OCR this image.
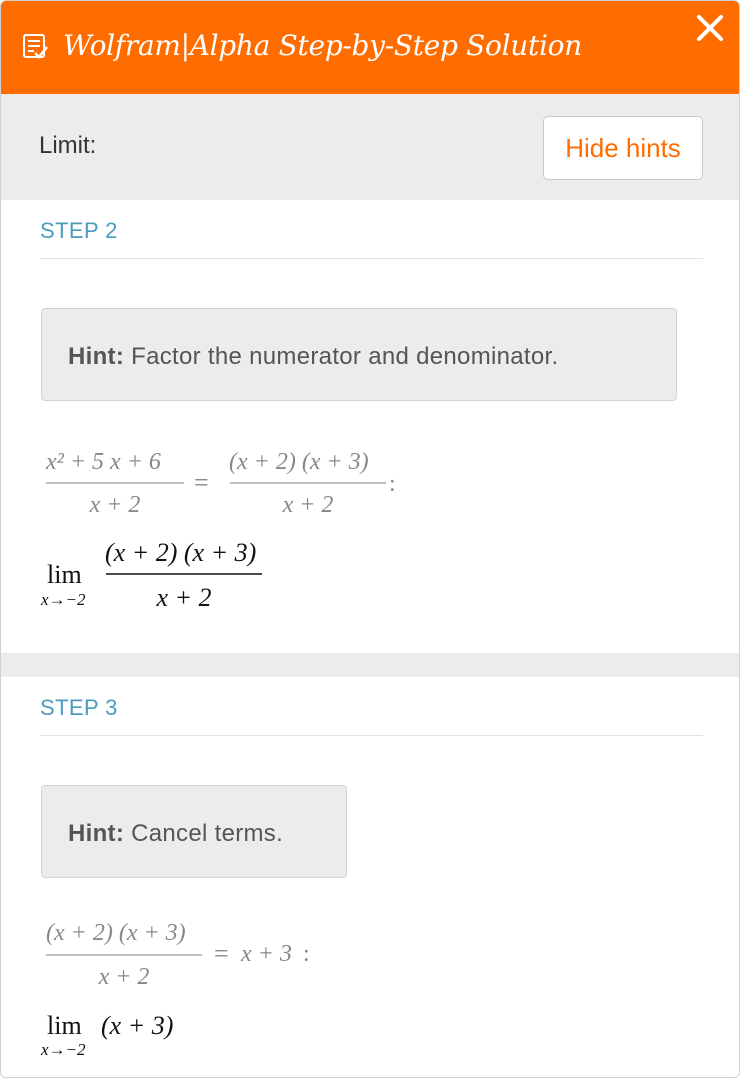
Wolfram|Alpha Step-by-Step Solution
Limit:	Hide hints
STEP 2
Hint: Factor the numerator and denominator.
x² + 5 x + 6
x + 2
=
(x + 2) (x + 3)
x + 2
:
lim
x→−2
(x + 2) (x + 3)
x + 2
STEP 3
Hint: Cancel terms.
(x + 2) (x + 3)
x + 2
= x + 3 :
lim
x→−2
(x + 3)
